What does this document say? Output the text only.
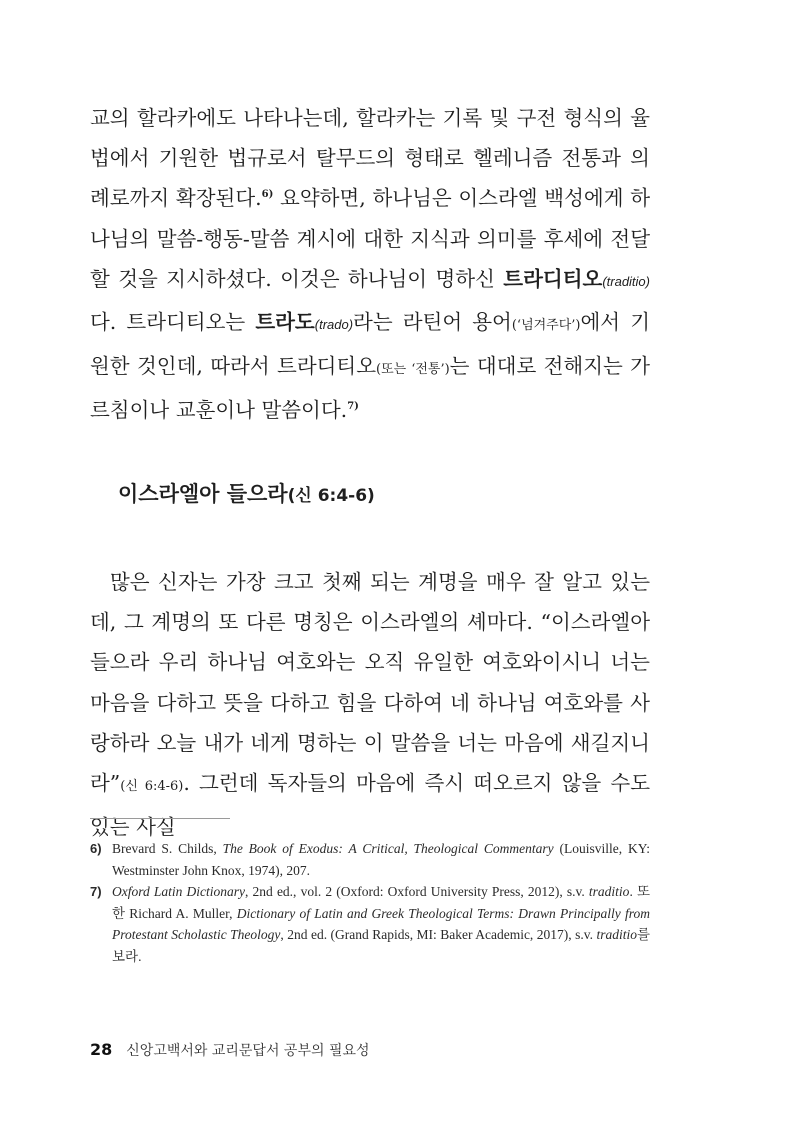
교의 할라카에도 나타나는데, 할라카는 기록 및 구전 형식의 율법에서 기원한 법규로서 탈무드의 형태로 헬레니즘 전통과 의례로까지 확장된다.$^{6)}$ 요약하면, 하나님은 이스라엘 백성에게 하나님의 말씀-행동-말씀 계시에 대한 지식과 의미를 후세에 전달할 것을 지시하셨다. 이것은 하나님이 명하신 트라디티오(traditio)다. 트라디티오는 트라도(trado)라는 라틴어 용어(‘넘겨주다’)에서 기원한 것인데, 따라서 트라디티오(또는 ‘전통’)는 대대로 전해지는 가르침이나 교훈이나 말씀이다.$^{7)}$
이스라엘아 들으라(신 6:4-6)
많은 신자는 가장 크고 첫째 되는 계명을 매우 잘 알고 있는데, 그 계명의 또 다른 명칭은 이스라엘의 셰마다. “이스라엘아 들으라 우리 하나님 여호와는 오직 유일한 여호와이시니 너는 마음을 다하고 뜻을 다하고 힘을 다하여 네 하나님 여호와를 사랑하라 오늘 내가 네게 명하는 이 말씀을 너는 마음에 새길지니라”(신 6:4-6). 그런데 독자들의 마음에 즉시 떠오르지 않을 수도 있는 사실
6) Brevard S. Childs, The Book of Exodus: A Critical, Theological Commentary (Louisville, KY: Westminster John Knox, 1974), 207.
7) Oxford Latin Dictionary, 2nd ed., vol. 2 (Oxford: Oxford University Press, 2012), s.v. traditio. 또한 Richard A. Muller, Dictionary of Latin and Greek Theological Terms: Drawn Principally from Protestant Scholastic Theology, 2nd ed. (Grand Rapids, MI: Baker Academic, 2017), s.v. traditio를 보라.
28 신앙고백서와 교리문답서 공부의 필요성
